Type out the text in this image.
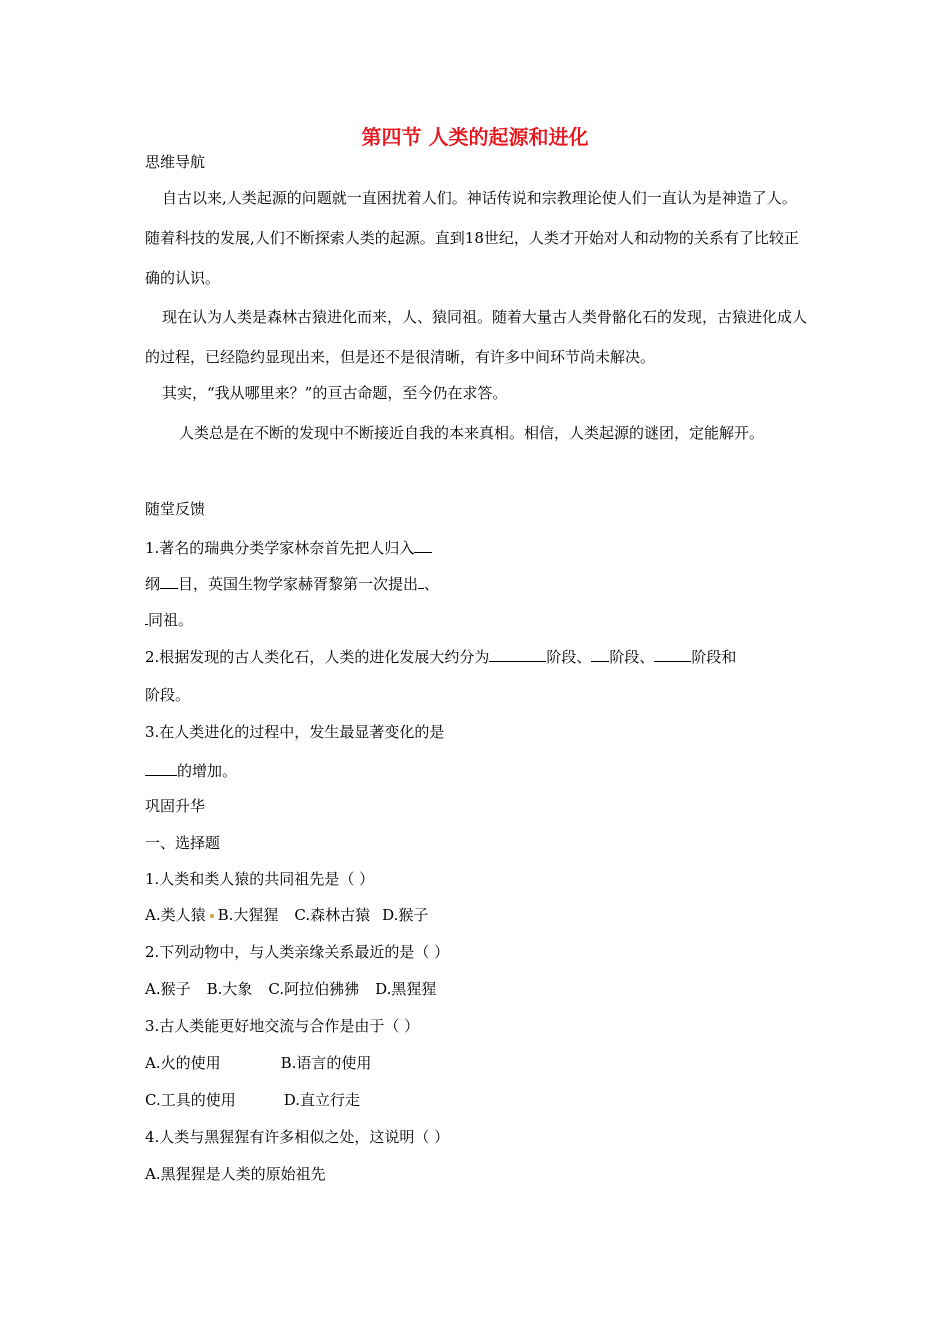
第四节 人类的起源和进化

思维导航

自古以来,人类起源的问题就一直困扰着人们。神话传说和宗教理论使人们一直认为是神造了人。随着科技的发展,人们不断探索人类的起源。直到18世纪，人类才开始对人和动物的关系有了比较正确的认识。

现在认为人类是森林古猿进化而来，人、猿同祖。随着大量古人类骨骼化石的发现，古猿进化成人的过程，已经隐约显现出来，但是还不是很清晰，有许多中间环节尚未解决。

其实，“我从哪里来？”的亘古命题，至今仍在求答。

人类总是在不断的发现中不断接近自我的本来真相。相信，人类起源的谜团，定能解开。

随堂反馈

1.著名的瑞典分类学家林奈首先把人归入

纲 目，英国生物学家赫胥黎第一次提出 、

同祖。

2.根据发现的古人类化石，人类的进化发展大约分为	阶段、 阶段、 阶段和

阶段。

3.在人类进化的过程中，发生最显著变化的是

的增加。

巩固升华

一、选择题

1.人类和类人猿的共同祖先是（ ）

A.类人猿 B.大猩猩 C.森林古猿 D.猴子

2.下列动物中，与人类亲缘关系最近的是（ ）

A.猴子 B.大象 C.阿拉伯狒狒 D.黑猩猩

3.古人类能更好地交流与合作是由于（ ）

A.火的使用	B.语言的使用

C.工具的使用	D.直立行走

4.人类与黑猩猩有许多相似之处，这说明（ ）

A.黑猩猩是人类的原始祖先
